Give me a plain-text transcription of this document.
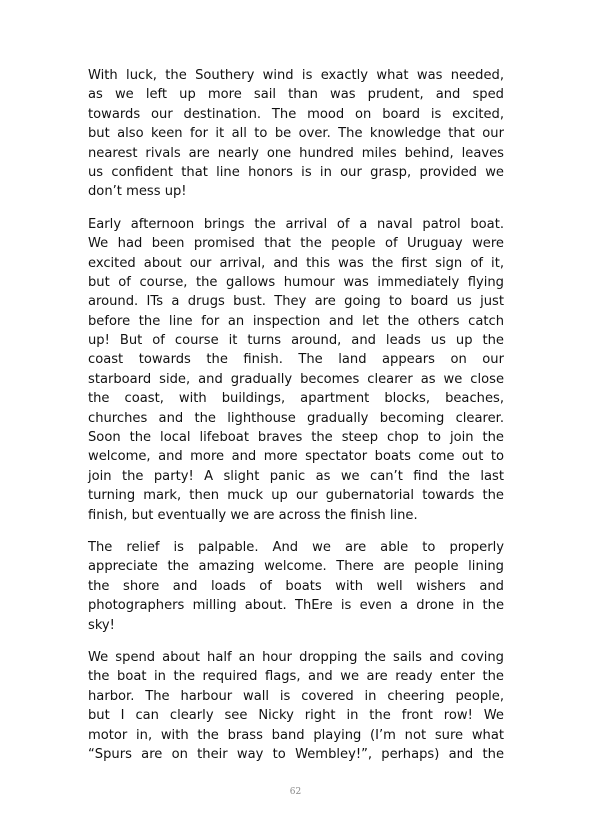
With luck, the Southery wind is exactly what was needed,
as we left up more sail than was prudent, and sped
towards our destination. The mood on board is excited,
but also keen for it all to be over. The knowledge that our
nearest rivals are nearly one hundred miles behind, leaves
us confident that line honors is in our grasp, provided we
don’t mess up!
Early afternoon brings the arrival of a naval patrol boat.
We had been promised that the people of Uruguay were
excited about our arrival, and this was the first sign of it,
but of course, the gallows humour was immediately flying
around. ITs a drugs bust. They are going to board us just
before the line for an inspection and let the others catch
up! But of course it turns around, and leads us up the
coast towards the finish. The land appears on our
starboard side, and gradually becomes clearer as we close
the coast, with buildings, apartment blocks, beaches,
churches and the lighthouse gradually becoming clearer.
Soon the local lifeboat braves the steep chop to join the
welcome, and more and more spectator boats come out to
join the party! A slight panic as we can’t find the last
turning mark, then muck up our gubernatorial towards the
finish, but eventually we are across the finish line.
The relief is palpable. And we are able to properly
appreciate the amazing welcome. There are people lining
the shore and loads of boats with well wishers and
photographers milling about. ThEre is even a drone in the
sky!
We spend about half an hour dropping the sails and coving
the boat in the required flags, and we are ready enter the
harbor. The harbour wall is covered in cheering people,
but I can clearly see Nicky right in the front row! We
motor in, with the brass band playing (I’m not sure what
“Spurs are on their way to Wembley!”, perhaps) and the
62
